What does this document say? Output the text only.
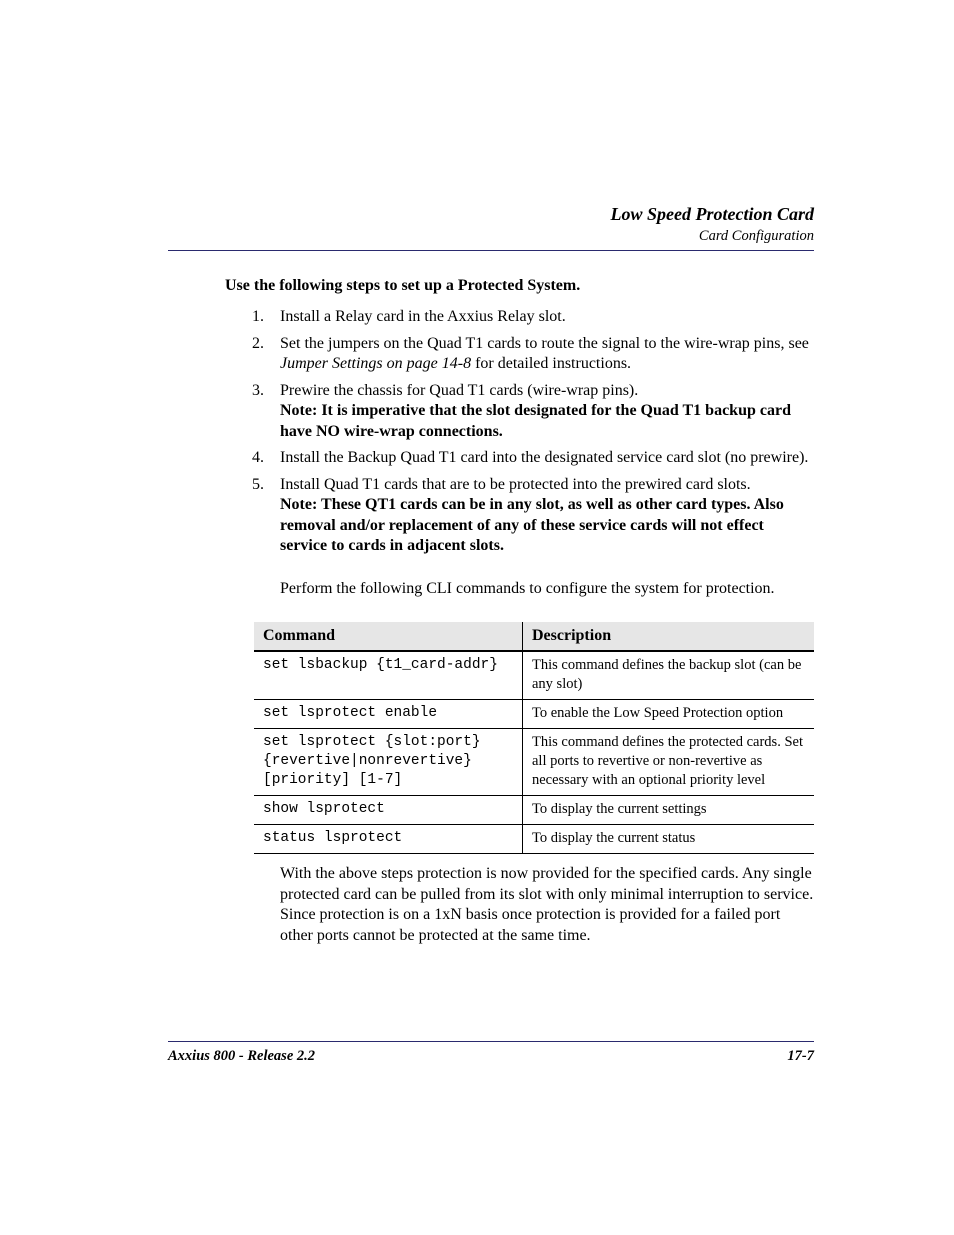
Low Speed Protection Card
Card Configuration
Use the following steps to set up a Protected System.
1. Install a Relay card in the Axxius Relay slot.
2. Set the jumpers on the Quad T1 cards to route the signal to the wire-wrap pins, see Jumper Settings on page 14-8 for detailed instructions.
3. Prewire the chassis for Quad T1 cards (wire-wrap pins).
Note: It is imperative that the slot designated for the Quad T1 backup card have NO wire-wrap connections.
4. Install the Backup Quad T1 card into the designated service card slot (no prewire).
5. Install Quad T1 cards that are to be protected into the prewired card slots.
Note: These QT1 cards can be in any slot, as well as other card types. Also removal and/or replacement of any of these service cards will not effect service to cards in adjacent slots.
Perform the following CLI commands to configure the system for protection.
Command	Description
set lsbackup {t1_card-addr}	This command defines the backup slot (can be any slot)
set lsprotect enable	To enable the Low Speed Protection option
set lsprotect {slot:port}
{revertive|nonrevertive}
[priority] [1-7]	This command defines the protected cards. Set all ports to revertive or non-revertive as necessary with an optional priority level
show lsprotect	To display the current settings
status lsprotect	To display the current status
With the above steps protection is now provided for the specified cards. Any single protected card can be pulled from its slot with only minimal interruption to service. Since protection is on a 1xN basis once protection is provided for a failed port other ports cannot be protected at the same time.
Axxius 800 - Release 2.2	17-7
